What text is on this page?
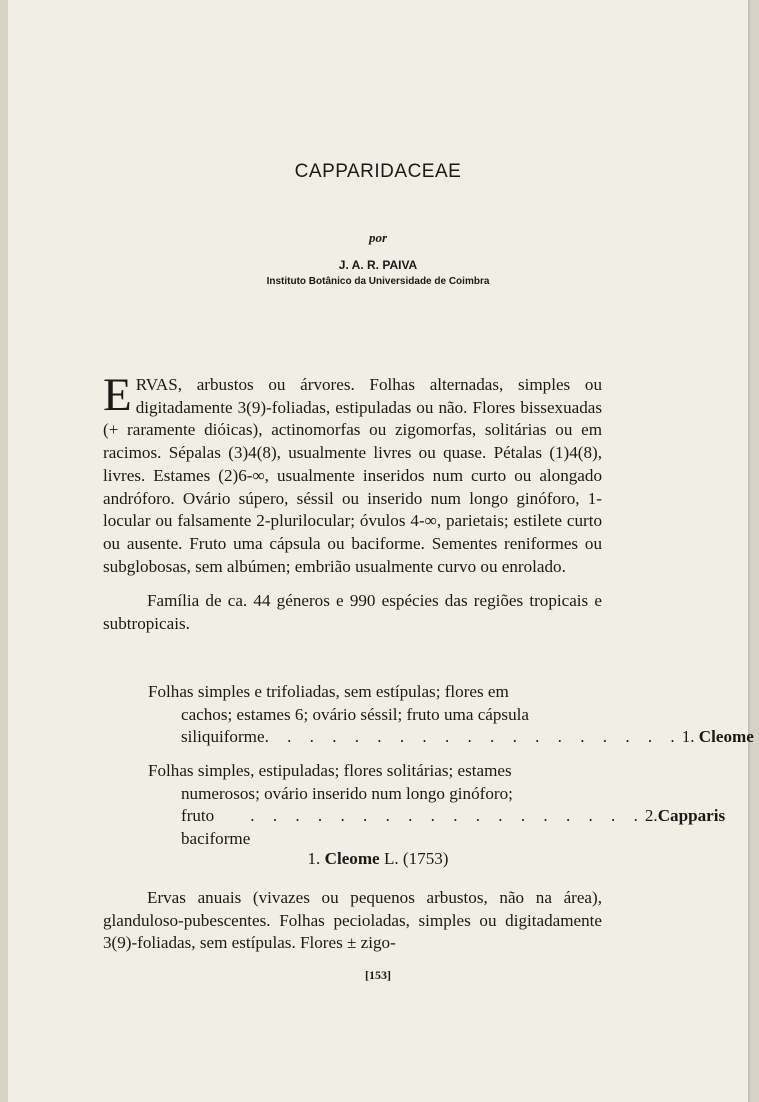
CAPPARIDACEAE
por
J. A. R. PAIVA
Instituto Botânico da Universidade de Coimbra

ERVAS, arbustos ou árvores. Folhas alternadas, simples ou digitadamente 3(9)-foliadas, estipuladas ou não. Flores bissexuadas (+ raramente dióicas), actinomorfas ou zigomorfas, solitárias ou em racimos. Sépalas (3)4(8), usualmente livres ou quase. Pétalas (1)4(8), livres. Estames (2)6-∞, usualmente inseridos num curto ou alongado andróforo. Ovário súpero, séssil ou inserido num longo ginóforo, 1-locular ou falsamente 2-plurilocular; óvulos 4-∞, parietais; estilete curto ou ausente. Fruto uma cápsula ou baciforme. Sementes reniformes ou subglobosas, sem albúmen; embrião usualmente curvo ou enrolado.

Família de ca. 44 géneros e 990 espécies das regiões tropicais e subtropicais.

Folhas simples e trifoliadas, sem estípulas; flores em
cachos; estames 6; ovário séssil; fruto uma cápsula
siliquiforme . . . . . . . . . . . . . . . . . . . 1. Cleome
Folhas simples, estipuladas; flores solitárias; estames
numerosos; ovário inserido num longo ginóforo;
fruto baciforme
. . . . . . . . . . . . . . . . . . 2.Capparis
1. Cleome L. (1753)
Ervas anuais (vivazes ou pequenos arbustos, não na área), glanduloso-pubescentes. Folhas pecioladas, simples ou digitadamente 3(9)-foliadas, sem estípulas. Flores ± zigo-
[153]
